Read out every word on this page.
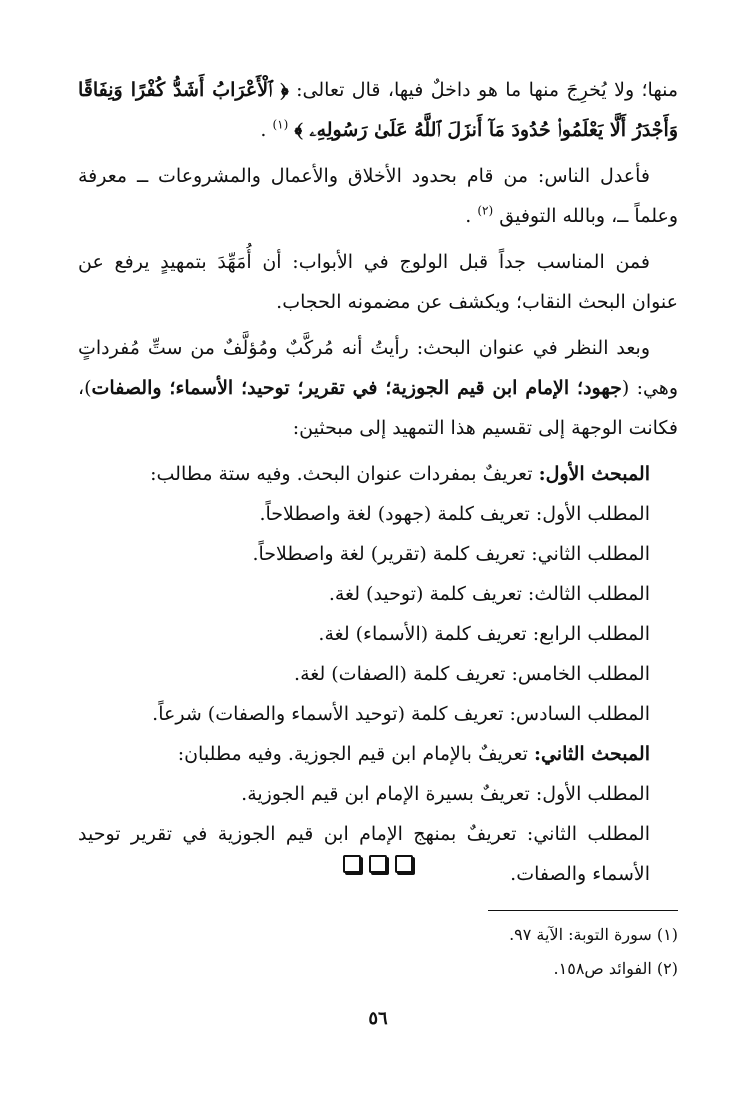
منها؛ ولا يُخرِجَ منها ما هو داخلٌ فيها، قال تعالى: ﴿ ٱلْأَعْرَابُ أَشَدُّ كُفْرًا وَنِفَاقًا وَأَجْدَرُ أَلَّا يَعْلَمُوا۟ حُدُودَ مَآ أَنزَلَ ٱللَّهُ عَلَىٰ رَسُولِهِۦ ﴾ $^{(١)}$ .

فأعدل الناس: من قام بحدود الأخلاق والأعمال والمشروعات ــ معرفة وعلماً ــ، وبالله التوفيق $^{(٢)}$ .

فمن المناسب جداً قبل الولوج في الأبواب: أن أُمَهِّدَ بتمهيدٍ يرفع عن عنوان البحث النقاب؛ ويكشف عن مضمونه الحجاب.

وبعد النظر في عنوان البحث: رأيتُ أنه مُركَّبٌ ومُؤلَّفٌ من ستِّ مُفرداتٍ وهي: (جهود؛ الإمام ابن قيم الجوزية؛ في تقرير؛ توحيد؛ الأسماء؛ والصفات)، فكانت الوجهة إلى تقسيم هذا التمهيد إلى مبحثين:

المبحث الأول: تعريفٌ بمفردات عنوان البحث. وفيه ستة مطالب:

المطلب الأول: تعريف كلمة (جهود) لغة واصطلاحاً.

المطلب الثاني: تعريف كلمة (تقرير) لغة واصطلاحاً.

المطلب الثالث: تعريف كلمة (توحيد) لغة.

المطلب الرابع: تعريف كلمة (الأسماء) لغة.

المطلب الخامس: تعريف كلمة (الصفات) لغة.

المطلب السادس: تعريف كلمة (توحيد الأسماء والصفات) شرعاً.

المبحث الثاني: تعريفٌ بالإمام ابن قيم الجوزية. وفيه مطلبان:

المطلب الأول: تعريفٌ بسيرة الإمام ابن قيم الجوزية.

المطلب الثاني: تعريفٌ بمنهج الإمام ابن قيم الجوزية في تقرير توحيد الأسماء والصفات.

(١) سورة التوبة: الآية ٩٧.

(٢) الفوائد ص١٥٨.

٥٦
